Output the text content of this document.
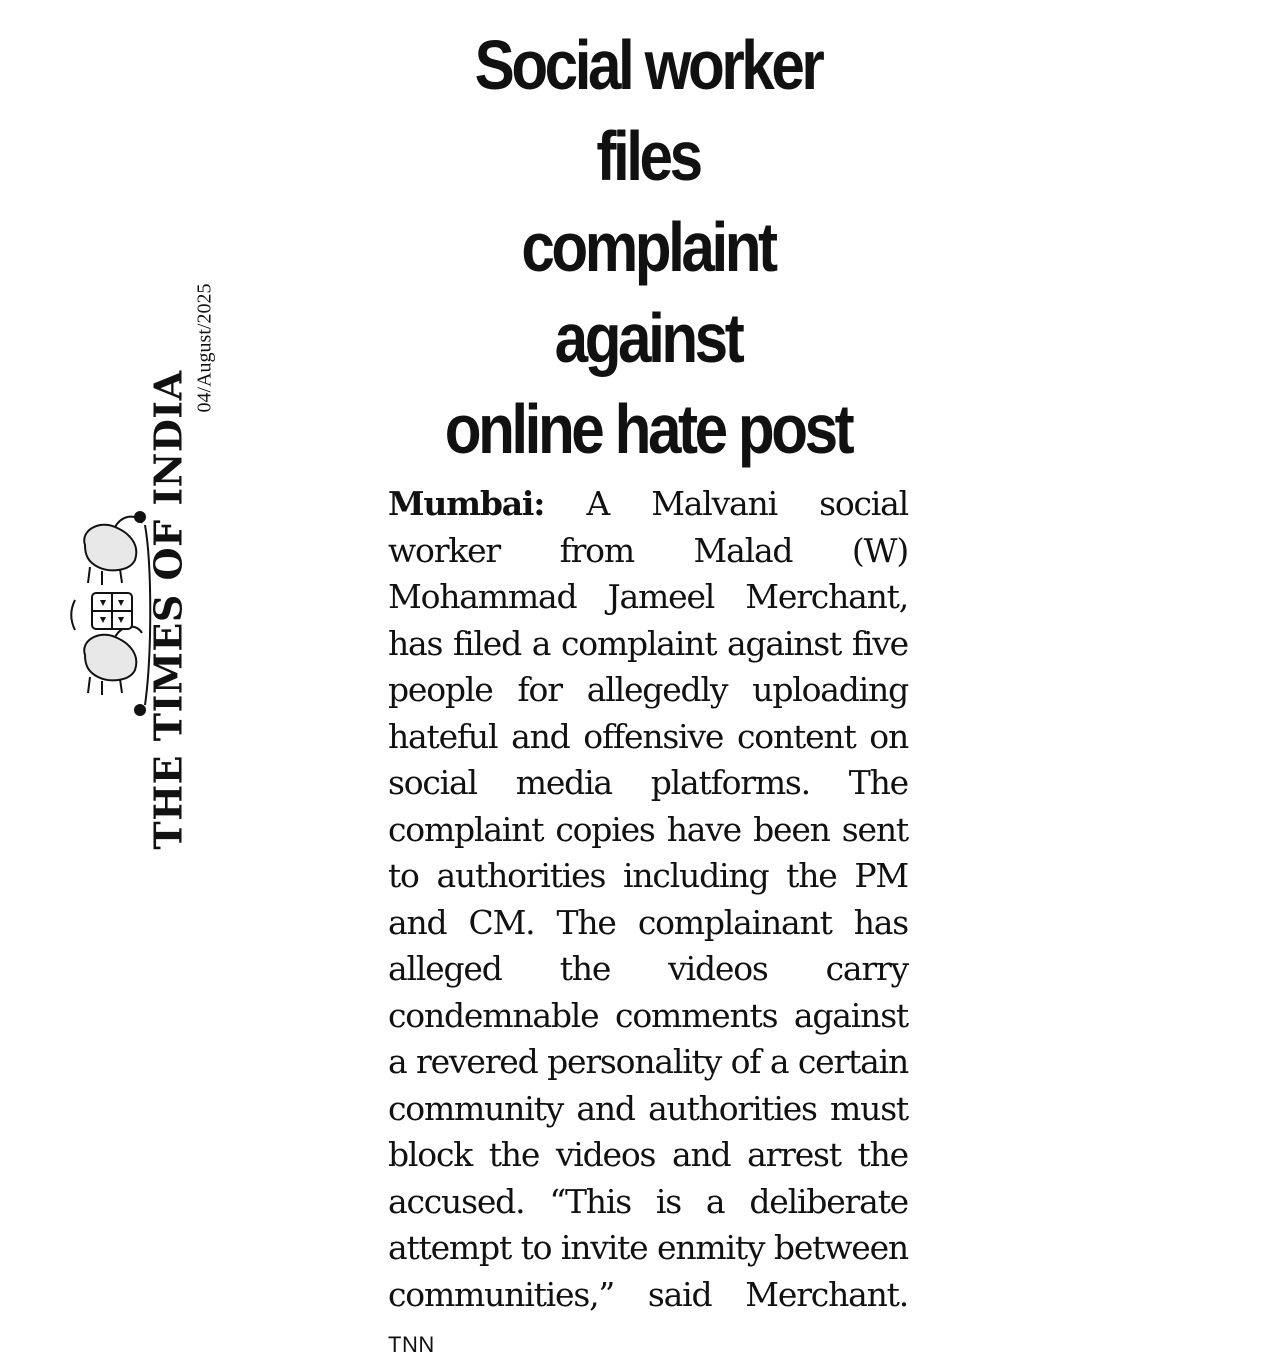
THE TIMES OF INDIA
04/August/2025
Social worker files
complaint against
online hate post

Mumbai: A Malvani social worker from Malad (W) Mohammad Jameel Merchant, has filed a complaint against five people for allegedly uploading hateful and offensive content on social media platforms. The complaint copies have been sent to authorities including the PM and CM. The complainant has alleged the videos carry condemnable comments against a revered personality of a certain community and authorities must block the videos and arrest the accused. “This is a deliberate attempt to invite enmity between communities,” said Merchant. TNN
